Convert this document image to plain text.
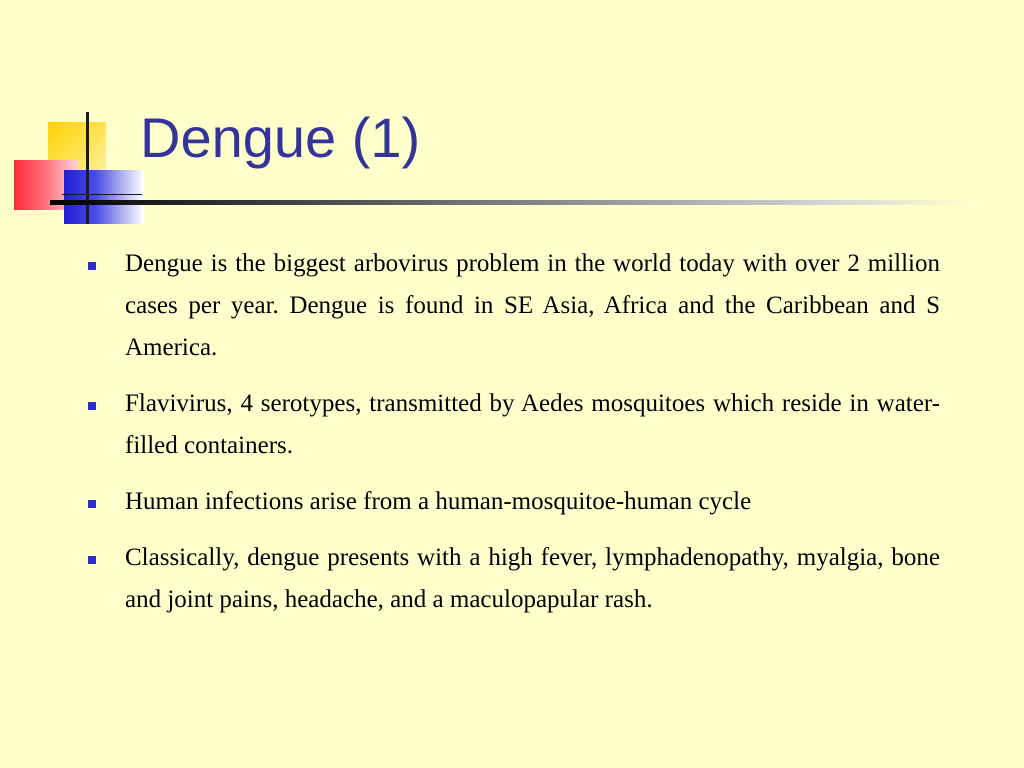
Dengue (1)
Dengue is the biggest arbovirus problem in the world today with over 2 million cases per year. Dengue is found in SE Asia, Africa and the Caribbean and S America.
Flavivirus, 4 serotypes, transmitted by Aedes mosquitoes which reside in water-filled containers.
Human infections arise from a human-mosquitoe-human cycle
Classically, dengue presents with a high fever, lymphadenopathy, myalgia, bone and joint pains, headache, and a maculopapular rash.
